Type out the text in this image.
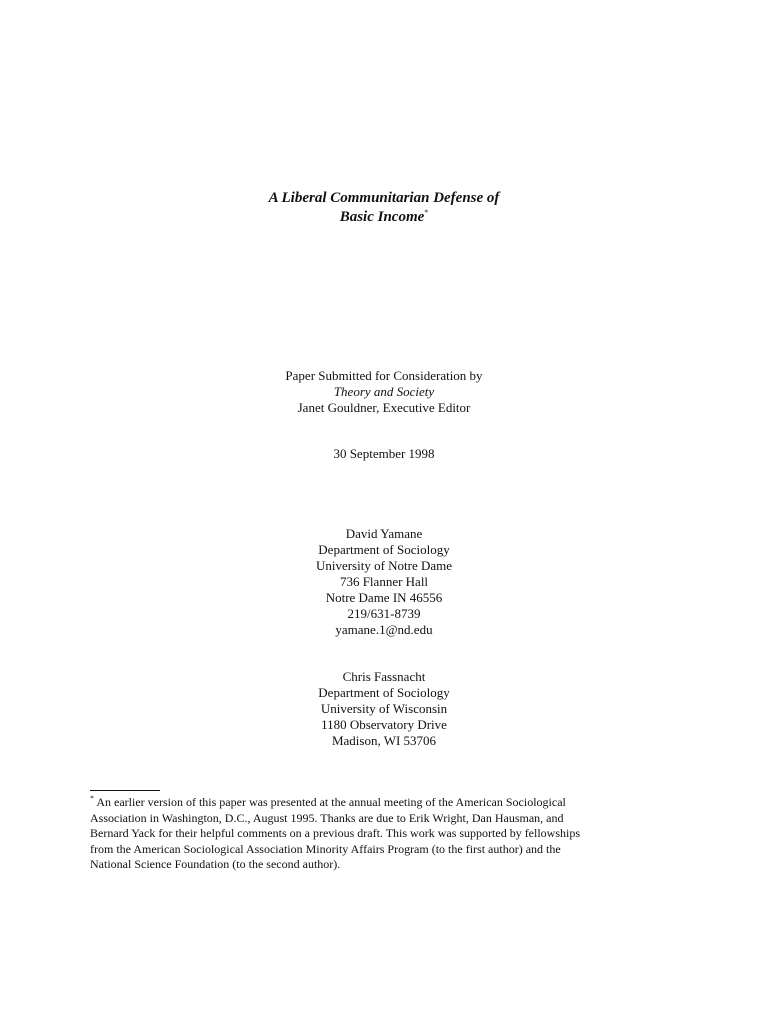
A Liberal Communitarian Defense of
Basic Income*
Paper Submitted for Consideration by
Theory and Society
Janet Gouldner, Executive Editor
30 September 1998
David Yamane
Department of Sociology
University of Notre Dame
736 Flanner Hall
Notre Dame IN 46556
219/631-8739
yamane.1@nd.edu
Chris Fassnacht
Department of Sociology
University of Wisconsin
1180 Observatory Drive
Madison, WI 53706
* An earlier version of this paper was presented at the annual meeting of the American Sociological
Association in Washington, D.C., August 1995. Thanks are due to Erik Wright, Dan Hausman, and
Bernard Yack for their helpful comments on a previous draft. This work was supported by fellowships
from the American Sociological Association Minority Affairs Program (to the first author) and the
National Science Foundation (to the second author).
